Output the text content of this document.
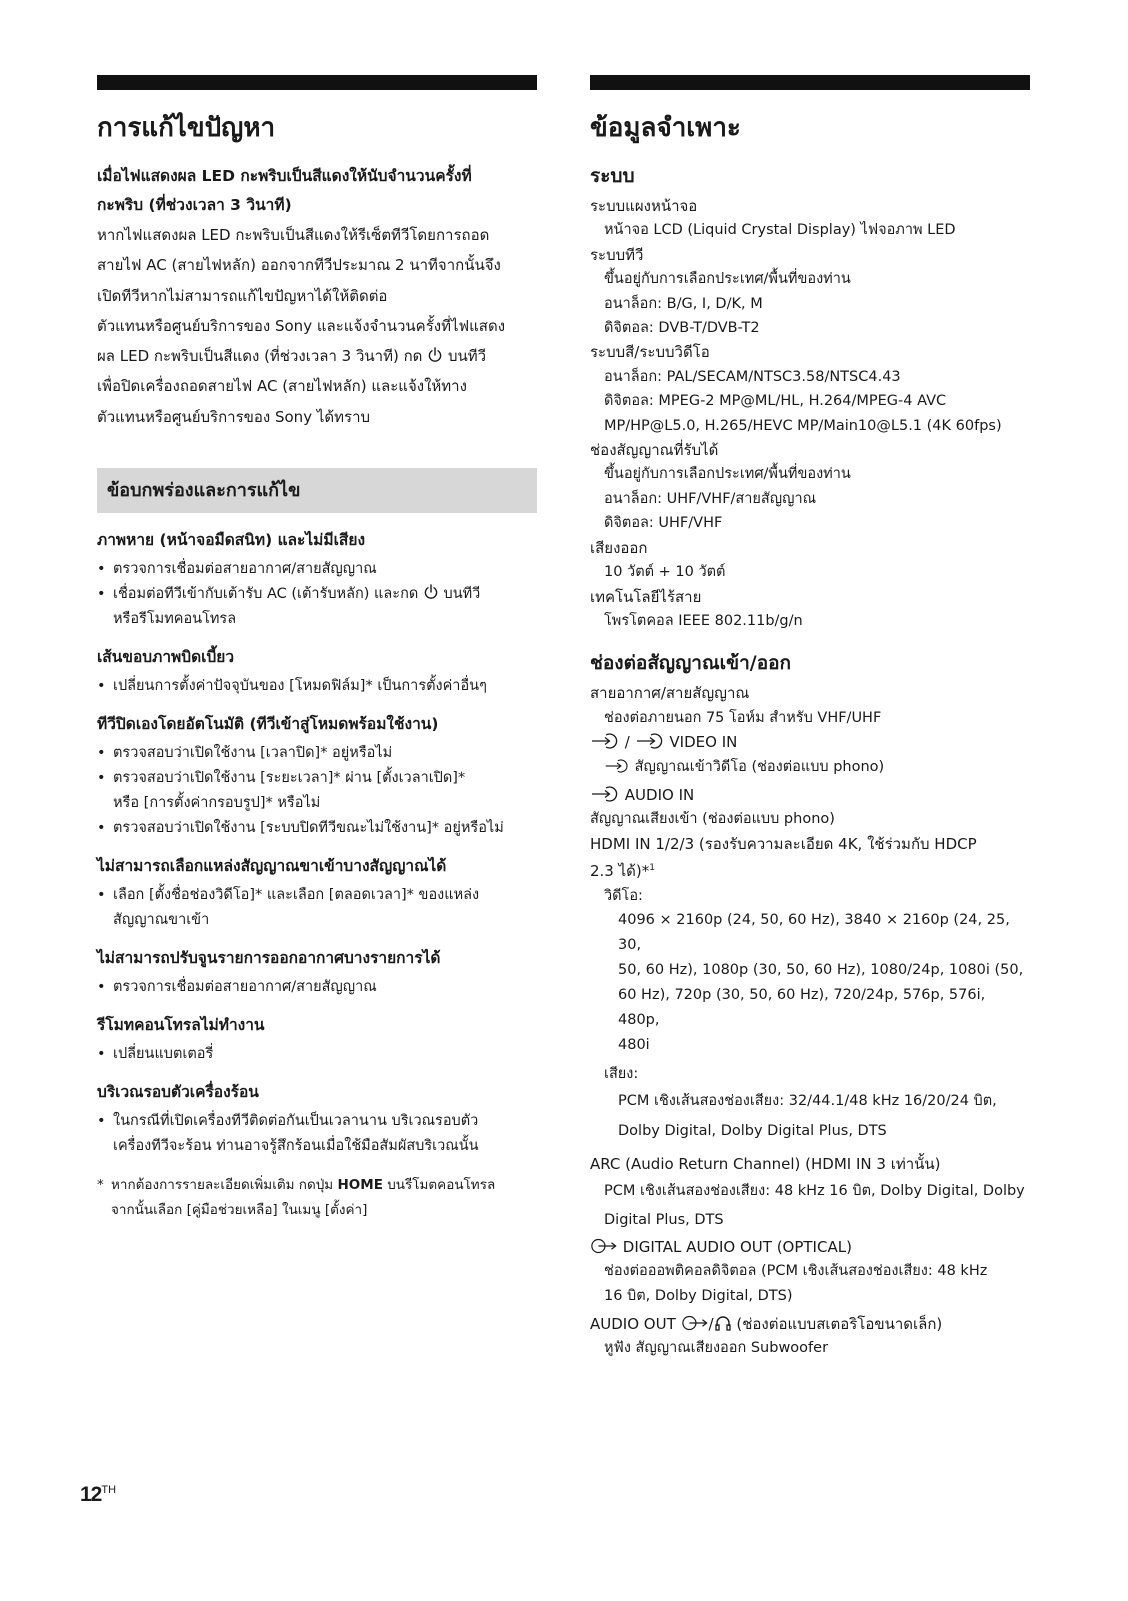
การแก้ไขปัญหา

เมื่อไฟแสดงผล LED กะพริบเป็นสีแดงให้นับจำนวนครั้งที่

กะพริบ (ที่ช่วงเวลา 3 วินาที)

หากไฟแสดงผล LED กะพริบเป็นสีแดงให้รีเซ็ตทีวีโดยการถอด

สายไฟ AC (สายไฟหลัก) ออกจากทีวีประมาณ 2 นาทีจากนั้นจึง

เปิดทีวีหากไม่สามารถแก้ไขปัญหาได้ให้ติดต่อ

ตัวแทนหรือศูนย์บริการของ Sony และแจ้งจำนวนครั้งที่ไฟแสดง

ผล LED กะพริบเป็นสีแดง (ที่ช่วงเวลา 3 วินาที) กด บนทีวี

เพื่อปิดเครื่องถอดสายไฟ AC (สายไฟหลัก) และแจ้งให้ทาง

ตัวแทนหรือศูนย์บริการของ Sony ได้ทราบ

ข้อบกพร่องและการแก้ไข

ภาพหาย (หน้าจอมืดสนิท) และไม่มีเสียง

• ตรวจการเชื่อมต่อสายอากาศ/สายสัญญาณ
• เชื่อมต่อทีวีเข้ากับเต้ารับ AC (เต้ารับหลัก) และกด บนทีวี
หรือรีโมทคอนโทรล

เส้นขอบภาพบิดเบี้ยว

• เปลี่ยนการตั้งค่าปัจจุบันของ [โหมดฟิล์ม]* เป็นการตั้งค่าอื่นๆ

ทีวีปิดเองโดยอัตโนมัติ (ทีวีเข้าสู่โหมดพร้อมใช้งาน)

• ตรวจสอบว่าเปิดใช้งาน [เวลาปิด]* อยู่หรือไม่
• ตรวจสอบว่าเปิดใช้งาน [ระยะเวลา]* ผ่าน [ตั้งเวลาเปิด]*
หรือ [การตั้งค่ากรอบรูป]* หรือไม่
• ตรวจสอบว่าเปิดใช้งาน [ระบบปิดทีวีขณะไม่ใช้งาน]* อยู่หรือไม่

ไม่สามารถเลือกแหล่งสัญญาณขาเข้าบางสัญญาณได้

• เลือก [ตั้งชื่อช่องวิดีโอ]* และเลือก [ตลอดเวลา]* ของแหล่ง
สัญญาณขาเข้า

ไม่สามารถปรับจูนรายการออกอากาศบางรายการได้

• ตรวจการเชื่อมต่อสายอากาศ/สายสัญญาณ

รีโมทคอนโทรลไม่ทำงาน

• เปลี่ยนแบตเตอรี่

บริเวณรอบตัวเครื่องร้อน

• ในกรณีที่เปิดเครื่องทีวีติดต่อกันเป็นเวลานาน บริเวณรอบตัว
เครื่องทีวีจะร้อน ท่านอาจรู้สึกร้อนเมื่อใช้มือสัมผัสบริเวณนั้น
* หากต้องการรายละเอียดเพิ่มเติม กดปุ่ม HOME บนรีโมตคอนโทรล
จากนั้นเลือก [คู่มือช่วยเหลือ] ในเมนู [ตั้งค่า]
ข้อมูลจำเพาะ
ระบบ

ระบบแผงหน้าจอ

หน้าจอ LCD (Liquid Crystal Display) ไฟจอภาพ LED

ระบบทีวี

ขึ้นอยู่กับการเลือกประเทศ/พื้นที่ของท่าน

อนาล็อก: B/G, I, D/K, M

ดิจิตอล: DVB-T/DVB-T2

ระบบสี/ระบบวิดีโอ

อนาล็อก: PAL/SECAM/NTSC3.58/NTSC4.43

ดิจิตอล: MPEG-2 MP@ML/HL, H.264/MPEG-4 AVC

MP/HP@L5.0, H.265/HEVC MP/Main10@L5.1 (4K 60fps)

ช่องสัญญาณที่รับได้

ขึ้นอยู่กับการเลือกประเทศ/พื้นที่ของท่าน

อนาล็อก: UHF/VHF/สายสัญญาณ

ดิจิตอล: UHF/VHF

เสียงออก

10 วัตต์ + 10 วัตต์

เทคโนโลยีไร้สาย

โพรโตคอล IEEE 802.11b/g/n

ช่องต่อสัญญาณเข้า/ออก

สายอากาศ/สายสัญญาณ

ช่องต่อภายนอก 75 โอห์ม สำหรับ VHF/UHF

/	VIDEO IN

สัญญาณเข้าวิดีโอ (ช่องต่อแบบ phono)

AUDIO IN

สัญญาณเสียงเข้า (ช่องต่อแบบ phono)

HDMI IN 1/2/3 (รองรับความละเอียด 4K, ใช้ร่วมกับ HDCP

2.3 ได้)*$^1$

วิดีโอ:

4096 × 2160p (24, 50, 60 Hz), 3840 × 2160p (24, 25, 30,

50, 60 Hz), 1080p (30, 50, 60 Hz), 1080/24p, 1080i (50,

60 Hz), 720p (30, 50, 60 Hz), 720/24p, 576p, 576i, 480p,

480i

เสียง:

PCM เชิงเส้นสองช่องเสียง: 32/44.1/48 kHz 16/20/24 บิต,

Dolby Digital, Dolby Digital Plus, DTS

ARC (Audio Return Channel) (HDMI IN 3 เท่านั้น)

PCM เชิงเส้นสองช่องเสียง: 48 kHz 16 บิต, Dolby Digital, Dolby

Digital Plus, DTS

DIGITAL AUDIO OUT (OPTICAL)

ช่องต่อออพติคอลดิจิตอล (PCM เชิงเส้นสองช่องเสียง: 48 kHz

16 บิต, Dolby Digital, DTS)

AUDIO OUT / (ช่องต่อแบบสเตอริโอขนาดเล็ก)

หูฟัง สัญญาณเสียงออก Subwoofer

12TH
